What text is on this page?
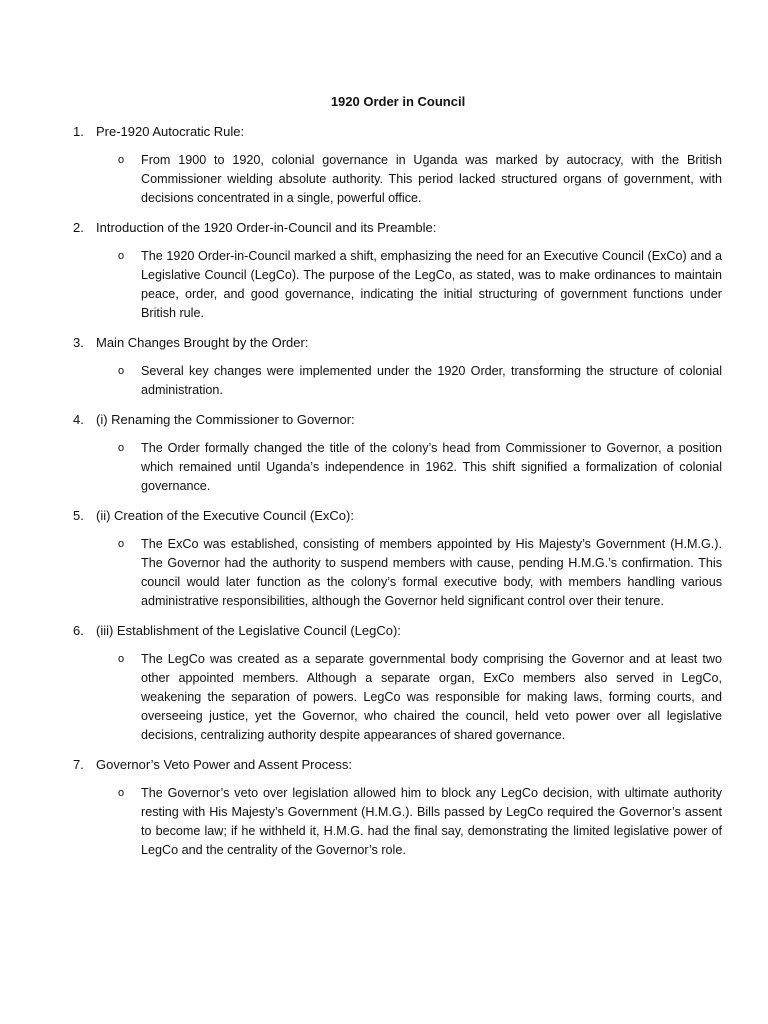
1920 Order in Council
1. Pre-1920 Autocratic Rule:
o From 1900 to 1920, colonial governance in Uganda was marked by autocracy, with the British Commissioner wielding absolute authority. This period lacked structured organs of government, with decisions concentrated in a single, powerful office.

2. Introduction of the 1920 Order-in-Council and its Preamble:
o The 1920 Order-in-Council marked a shift, emphasizing the need for an Executive Council (ExCo) and a Legislative Council (LegCo). The purpose of the LegCo, as stated, was to make ordinances to maintain peace, order, and good governance, indicating the initial structuring of government functions under British rule.

3. Main Changes Brought by the Order:
o Several key changes were implemented under the 1920 Order, transforming the structure of colonial administration.

4. (i) Renaming the Commissioner to Governor:
o The Order formally changed the title of the colony’s head from Commissioner to Governor, a position which remained until Uganda’s independence in 1962. This shift signified a formalization of colonial governance.

5. (ii) Creation of the Executive Council (ExCo):
o The ExCo was established, consisting of members appointed by His Majesty’s Government (H.M.G.). The Governor had the authority to suspend members with cause, pending H.M.G.’s confirmation. This council would later function as the colony’s formal executive body, with members handling various administrative responsibilities, although the Governor held significant control over their tenure.

6. (iii) Establishment of the Legislative Council (LegCo):
o The LegCo was created as a separate governmental body comprising the Governor and at least two other appointed members. Although a separate organ, ExCo members also served in LegCo, weakening the separation of powers. LegCo was responsible for making laws, forming courts, and overseeing justice, yet the Governor, who chaired the council, held veto power over all legislative decisions, centralizing authority despite appearances of shared governance.

7. Governor’s Veto Power and Assent Process:
o The Governor’s veto over legislation allowed him to block any LegCo decision, with ultimate authority resting with His Majesty’s Government (H.M.G.). Bills passed by LegCo required the Governor’s assent to become law; if he withheld it, H.M.G. had the final say, demonstrating the limited legislative power of LegCo and the centrality of the Governor’s role.
